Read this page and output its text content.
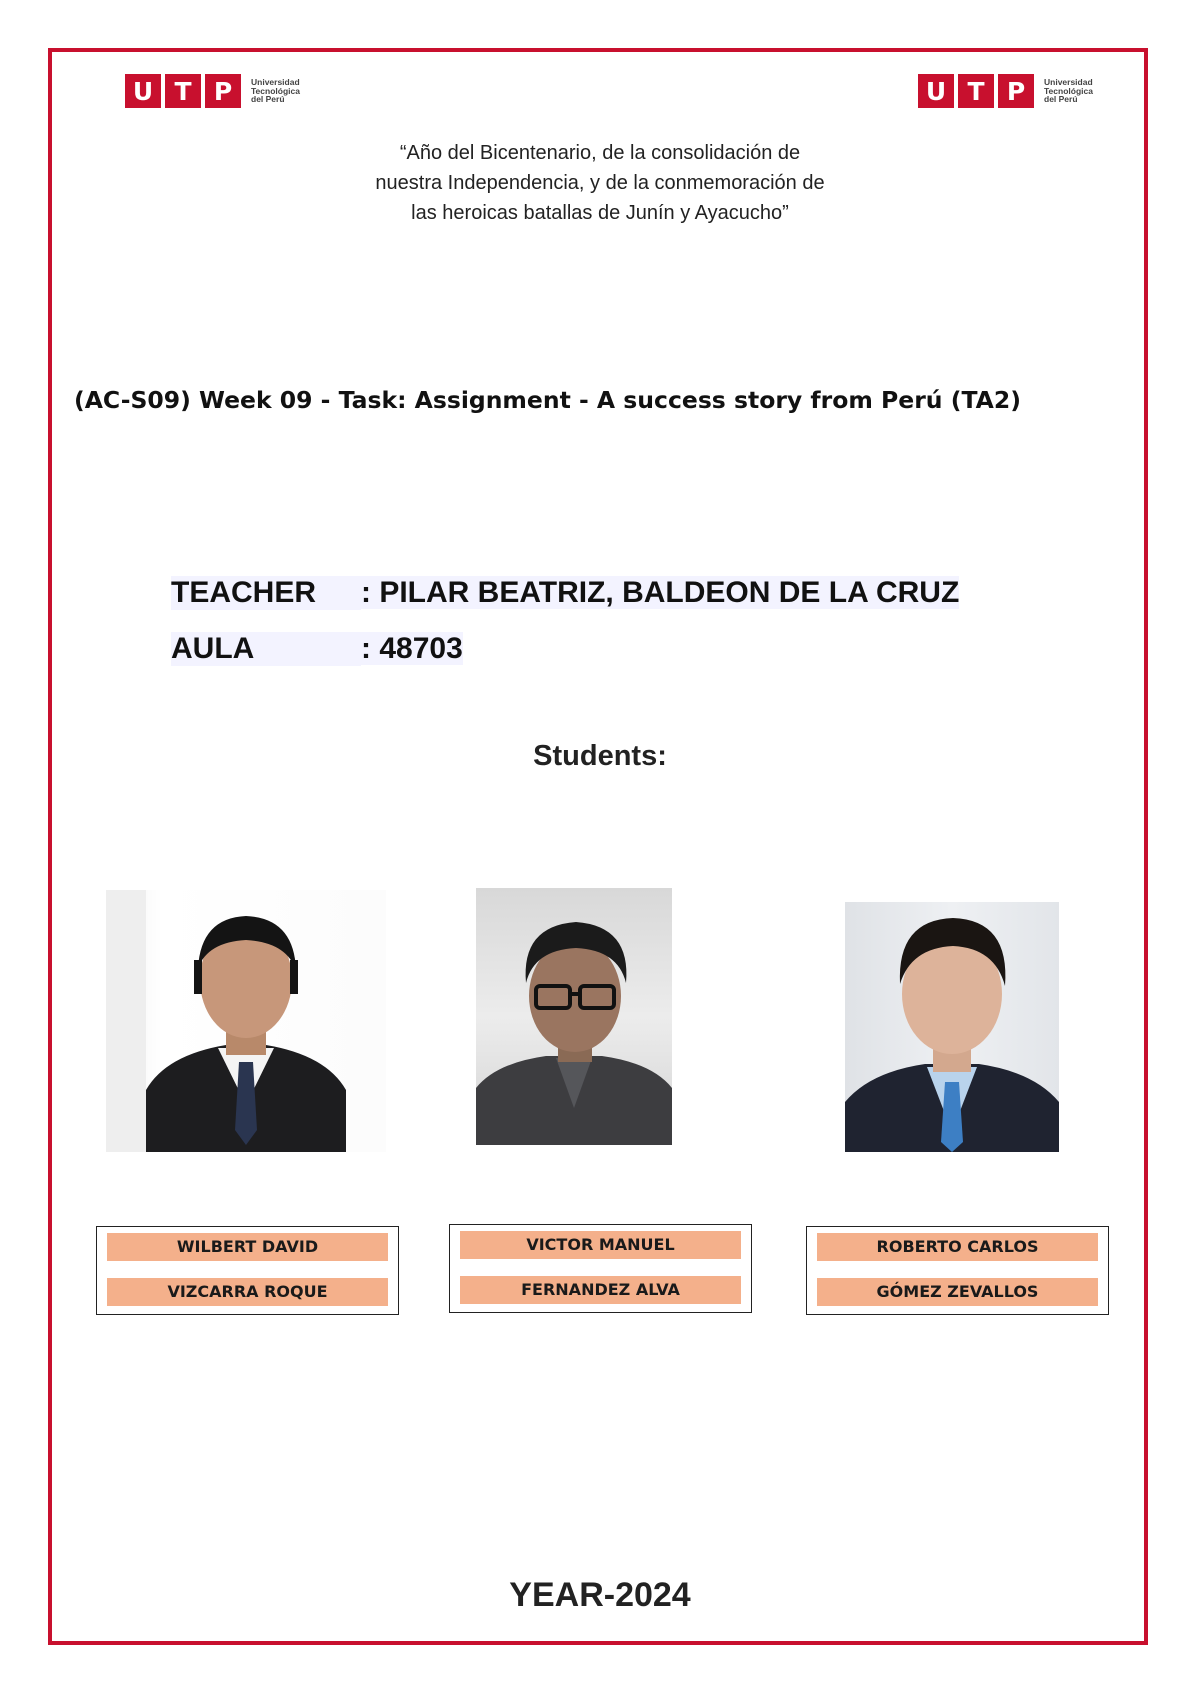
U T P	Universidad
Tecnológica
del Perú	U T P	Universidad
Tecnológica
del Perú
“Año del Bicentenario, de la consolidación de
nuestra Independencia, y de la conmemoración de
las heroicas batallas de Junín y Ayacucho”
(AC-S09) Week 09 - Task: Assignment - A success story from Perú (TA2)
TEACHER : PILAR BEATRIZ, BALDEON DE LA CRUZ
AULA	: 48703
Students:
WILBERT DAVID
VIZCARRA ROQUE
VICTOR MANUEL
FERNANDEZ ALVA
ROBERTO CARLOS
GÓMEZ ZEVALLOS
YEAR-2024
